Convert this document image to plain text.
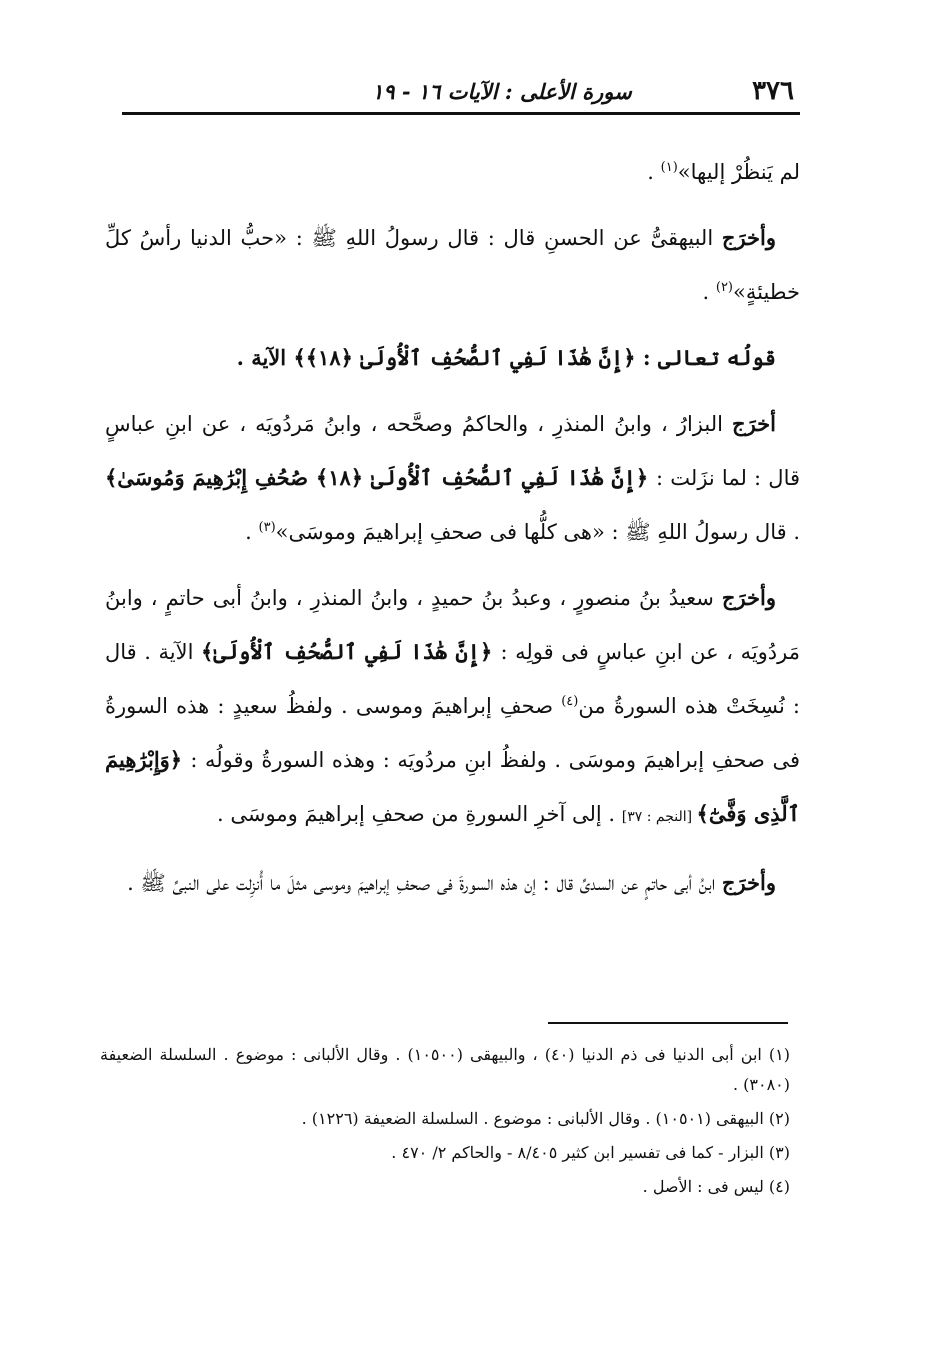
٣٧٦
سورة الأعلى : الآيات ١٦ - ١٩

لم يَنظُرْ إليها»$^{(١)}$ .

وأخرَج البيهقىُّ عن الحسنِ قال : قال رسولُ اللهِ ﷺ : «حبُّ الدنيا رأسُ كلِّ خطيئةٍ»$^{(٢)}$ .

قولُه تعالى : ﴿إِنَّ هَٰذَا لَفِي ٱلصُّحُفِ ٱلْأُولَىٰ ﴿١٨﴾﴾ الآية .

أخرَج البزارُ ، وابنُ المنذرِ ، والحاكمُ وصحَّحه ، وابنُ مَردُويَه ، عن ابنِ عباسٍ قال : لما نزَلت : ﴿إِنَّ هَٰذَا لَفِي ٱلصُّحُفِ ٱلْأُولَىٰ ﴿١٨﴾ صُحُفِ إِبْرَٰهِيمَ وَمُوسَىٰ﴾ . قال رسولُ اللهِ ﷺ : «هى كلُّها فى صحفِ إبراهيمَ وموسَى»$^{(٣)}$ .

وأخرَج سعيدُ بنُ منصورٍ ، وعبدُ بنُ حميدٍ ، وابنُ المنذرِ ، وابنُ أبى حاتمٍ ، وابنُ مَردُويَه ، عن ابنِ عباسٍ فى قولِه : ﴿إِنَّ هَٰذَا لَفِي ٱلصُّحُفِ ٱلْأُولَىٰ﴾ الآية . قال : نُسِخَتْ هذه السورةُ من$^{(٤)}$ صحفِ إبراهيمَ وموسى . ولفظُ سعيدٍ : هذه السورةُ فى صحفِ إبراهيمَ وموسَى . ولفظُ ابنِ مردُويَه : وهذه السورةُ وقولُه : ﴿وَإِبْرَٰهِيمَ ٱلَّذِى وَفَّىٰٓ﴾ [النجم : ٣٧] . إلى آخرِ السورةِ من صحفِ إبراهيمَ وموسَى .

وأخرَج ابنُ أبى حاتمٍ عن السدىِّ قال : إن هذه السورةَ فى صحفِ إبراهيمَ وموسى مثلَ ما أُنزِلت على النبىِّ ﷺ .

(١) ابن أبى الدنيا فى ذم الدنيا (٤٠) ، والبيهقى (١٠٥٠٠) . وقال الألبانى : موضوع . السلسلة الضعيفة (٣٠٨٠) .

(٢) البيهقى (١٠٥٠١) . وقال الألبانى : موضوع . السلسلة الضعيفة (١٢٢٦) .

(٣) البزار - كما فى تفسير ابن كثير ٨/٤٠٥ - والحاكم ٢/ ٤٧٠ .

(٤) ليس فى : الأصل .
